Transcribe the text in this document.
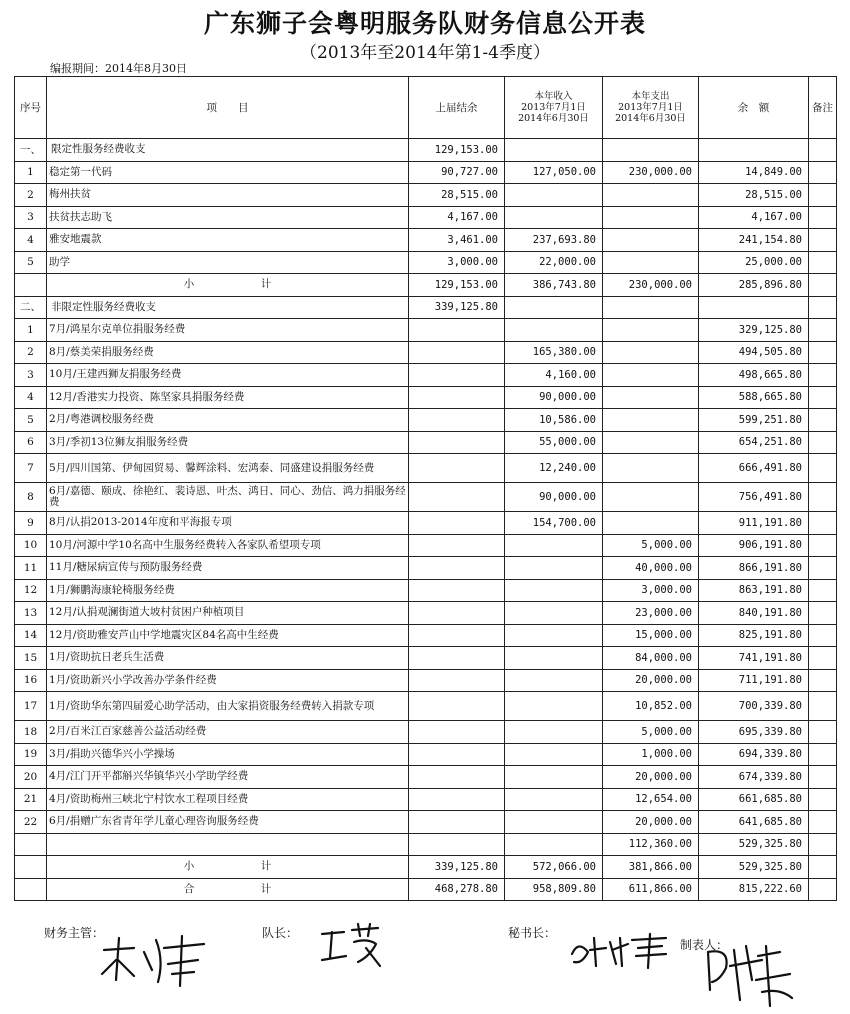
广东狮子会粤明服务队财务信息公开表
（2013年至2014年第1-4季度）
编报期间：2014年8月30日
序号	项　　目	上届结余	本年收入
2013年7月1日
2014年6月30日	本年支出
2013年7月1日
2014年6月30日	余　额	备注
一、	限定性服务经费收支	129,153.00				
1	稳定第一代码	90,727.00	127,050.00	230,000.00	14,849.00	
2	梅州扶贫	28,515.00			28,515.00	
3	扶贫扶志助飞	4,167.00			4,167.00	
4	雅安地震款	3,461.00	237,693.80		241,154.80	
5	助学	3,000.00	22,000.00		25,000.00	
	小　计	129,153.00	386,743.80	230,000.00	285,896.80	
二、	非限定性服务经费收支	339,125.80				
1	7月/鸿星尔克单位捐服务经费				329,125.80	
2	8月/蔡美荣捐服务经费		165,380.00		494,505.80	
3	10月/王建西狮友捐服务经费		4,160.00		498,665.80	
4	12月/香港实力投资、陈坚家具捐服务经费		90,000.00		588,665.80	
5	2月/粤港调校服务经费		10,586.00		599,251.80	
6	3月/季初13位狮友捐服务经费		55,000.00		654,251.80	
7	5月/四川国第、伊甸园贸易、馨辉涂料、宏鸿泰、同盛建设捐服务经费		12,240.00		666,491.80	
8	6月/嘉德、颐成、徐艳红、裴诗恩、叶杰、鸿日、同心、劲信、鸿力捐服务经费		90,000.00		756,491.80	
9	8月/认捐2013-2014年度和平海报专项		154,700.00		911,191.80	
10	10月/河源中学10名高中生服务经费转入各家队希望项专项			5,000.00	906,191.80	
11	11月/糖尿病宣传与预防服务经费			40,000.00	866,191.80	
12	1月/狮鹏海康轮椅服务经费			3,000.00	863,191.80	
13	12月/认捐观澜街道大坡村贫困户种植项目			23,000.00	840,191.80	
14	12月/资助雅安芦山中学地震灾区84名高中生经费			15,000.00	825,191.80	
15	1月/资助抗日老兵生活费			84,000.00	741,191.80	
16	1月/资助新兴小学改善办学条件经费			20,000.00	711,191.80	
17	1月/资助华东第四届爱心助学活动，由大家捐资服务经费转入捐款专项			10,852.00	700,339.80	
18	2月/百米江百家慈善公益活动经费			5,000.00	695,339.80	
19	3月/捐助兴德华兴小学操场			1,000.00	694,339.80	
20	4月/江门开平都斛兴华镇华兴小学助学经费			20,000.00	674,339.80	
21	4月/资助梅州三峡北宁村饮水工程项目经费			12,654.00	661,685.80	
22	6月/捐赠广东省青年学儿童心理咨询服务经费			20,000.00	641,685.80	
				112,360.00	529,325.80	
	小　计	339,125.80	572,066.00	381,866.00	529,325.80	
	合　计	468,278.80	958,809.80	611,866.00	815,222.60	
财务主管：	队长：	秘书长：
制表人：
